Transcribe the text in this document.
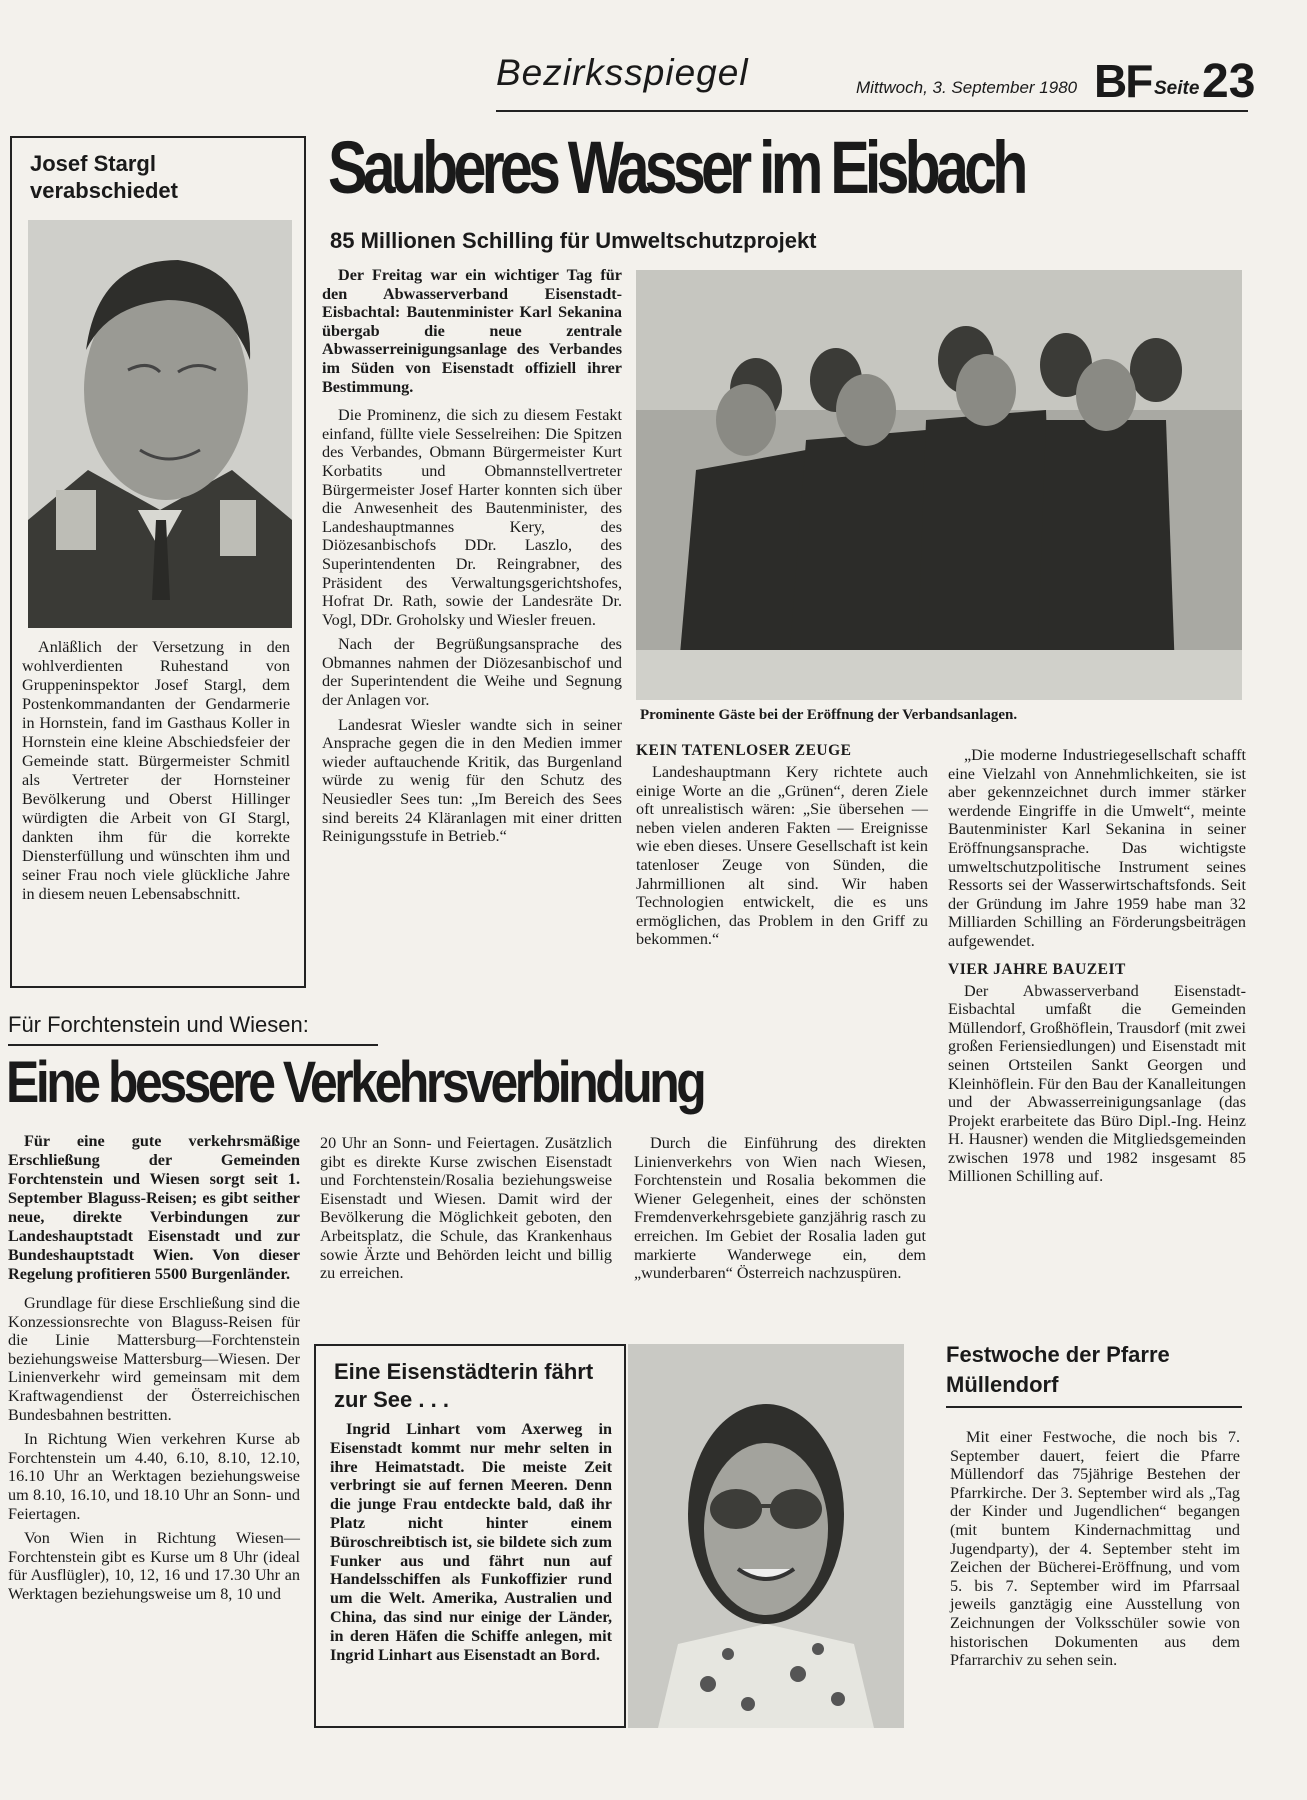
Bezirksspiegel	Mittwoch, 3. September 1980 BF Seite 23
Josef Stargl verabschiedet

Anläßlich der Versetzung in den wohlverdienten Ruhestand von Gruppeninspektor Josef Stargl, dem Postenkommandanten der Gendarmerie in Hornstein, fand im Gasthaus Koller in Hornstein eine kleine Abschiedsfeier der Gemeinde statt. Bürgermeister Schmitl als Vertreter der Hornsteiner Bevölkerung und Oberst Hillinger würdigten die Arbeit von GI Stargl, dankten ihm für die korrekte Diensterfüllung und wünschten ihm und seiner Frau noch viele glückliche Jahre in diesem neuen Lebensabschnitt.

Sauberes Wasser im Eisbach
85 Millionen Schilling für Umweltschutzprojekt

Der Freitag war ein wichtiger Tag für den Abwasserverband Eisenstadt-Eisbachtal: Bautenminister Karl Sekanina übergab die neue zentrale Abwasserreinigungsanlage des Verbandes im Süden von Eisenstadt offiziell ihrer Bestimmung.

Die Prominenz, die sich zu diesem Festakt einfand, füllte viele Sesselreihen: Die Spitzen des Verbandes, Obmann Bürgermeister Kurt Korbatits und Obmannstellvertreter Bürgermeister Josef Harter konnten sich über die Anwesenheit des Bautenminister, des Landeshauptmannes Kery, des Diözesanbischofs DDr. Laszlo, des Superintendenten Dr. Reingrabner, des Präsident des Verwaltungsgerichtshofes, Hofrat Dr. Rath, sowie der Landesräte Dr. Vogl, DDr. Groholsky und Wiesler freuen.

Nach der Begrüßungsansprache des Obmannes nahmen der Diözesanbischof und der Superintendent die Weihe und Segnung der Anlagen vor.

Landesrat Wiesler wandte sich in seiner Ansprache gegen die in den Medien immer wieder auftauchende Kritik, das Burgenland würde zu wenig für den Schutz des Neusiedler Sees tun: „Im Bereich des Sees sind bereits 24 Kläranlagen mit einer dritten Reinigungsstufe in Betrieb.“

Prominente Gäste bei der Eröffnung der Verbandsanlagen.

KEIN TATENLOSER ZEUGE

Landeshauptmann Kery richtete auch einige Worte an die „Grünen“, deren Ziele oft unrealistisch wären: „Sie übersehen — neben vielen anderen Fakten — Ereignisse wie eben dieses. Unsere Gesellschaft ist kein tatenloser Zeuge von Sünden, die Jahrmillionen alt sind. Wir haben Technologien entwickelt, die es uns ermöglichen, das Problem in den Griff zu bekommen.“

„Die moderne Industriegesellschaft schafft eine Vielzahl von Annehmlichkeiten, sie ist aber gekennzeichnet durch immer stärker werdende Eingriffe in die Umwelt“, meinte Bautenminister Karl Sekanina in seiner Eröffnungsansprache. Das wichtigste umweltschutzpolitische Instrument seines Ressorts sei der Wasserwirtschaftsfonds. Seit der Gründung im Jahre 1959 habe man 32 Milliarden Schilling an Förderungsbeiträgen aufgewendet.

VIER JAHRE BAUZEIT

Der Abwasserverband Eisenstadt-Eisbachtal umfaßt die Gemeinden Müllendorf, Großhöflein, Trausdorf (mit zwei großen Feriensiedlungen) und Eisenstadt mit seinen Ortsteilen Sankt Georgen und Kleinhöflein. Für den Bau der Kanalleitungen und der Abwasserreinigungsanlage (das Projekt erarbeitete das Büro Dipl.-Ing. Heinz H. Hausner) wenden die Mitgliedsgemeinden zwischen 1978 und 1982 insgesamt 85 Millionen Schilling auf.

Für Forchtenstein und Wiesen:
Eine bessere Verkehrsverbindung

Für eine gute verkehrsmäßige Erschließung der Gemeinden Forchtenstein und Wiesen sorgt seit 1. September Blaguss-Reisen; es gibt seither neue, direkte Verbindungen zur Landeshauptstadt Eisenstadt und zur Bundeshauptstadt Wien. Von dieser Regelung profitieren 5500 Burgenländer.

Grundlage für diese Erschließung sind die Konzessionsrechte von Blaguss-Reisen für die Linie Mattersburg—Forchtenstein beziehungsweise Mattersburg—Wiesen. Der Linienverkehr wird gemeinsam mit dem Kraftwagendienst der Österreichischen Bundesbahnen bestritten.

In Richtung Wien verkehren Kurse ab Forchtenstein um 4.40, 6.10, 8.10, 12.10, 16.10 Uhr an Werktagen beziehungsweise um 8.10, 16.10, und 18.10 Uhr an Sonn- und Feiertagen.

Von Wien in Richtung Wiesen—Forchtenstein gibt es Kurse um 8 Uhr (ideal für Ausflügler), 10, 12, 16 und 17.30 Uhr an Werktagen beziehungsweise um 8, 10 und

20 Uhr an Sonn- und Feiertagen. Zusätzlich gibt es direkte Kurse zwischen Eisenstadt und Forchtenstein/Rosalia beziehungsweise Eisenstadt und Wiesen. Damit wird der Bevölkerung die Möglichkeit geboten, den Arbeitsplatz, die Schule, das Krankenhaus sowie Ärzte und Behörden leicht und billig zu erreichen.

Durch die Einführung des direkten Linienverkehrs von Wien nach Wiesen, Forchtenstein und Rosalia bekommen die Wiener Gelegenheit, eines der schönsten Fremdenverkehrsgebiete ganzjährig rasch zu erreichen. Im Gebiet der Rosalia laden gut markierte Wanderwege ein, dem „wunderbaren“ Österreich nachzuspüren.

Eine Eisenstädterin fährt zur See . . .

Ingrid Linhart vom Axerweg in Eisenstadt kommt nur mehr selten in ihre Heimatstadt. Die meiste Zeit verbringt sie auf fernen Meeren. Denn die junge Frau entdeckte bald, daß ihr Platz nicht hinter einem Büroschreibtisch ist, sie bildete sich zum Funker aus und fährt nun auf Handelsschiffen als Funkoffizier rund um die Welt. Amerika, Australien und China, das sind nur einige der Länder, in deren Häfen die Schiffe anlegen, mit Ingrid Linhart aus Eisenstadt an Bord.

Festwoche der Pfarre Müllendorf

Mit einer Festwoche, die noch bis 7. September dauert, feiert die Pfarre Müllendorf das 75jährige Bestehen der Pfarrkirche. Der 3. September wird als „Tag der Kinder und Jugendlichen“ begangen (mit buntem Kindernachmittag und Jugendparty), der 4. September steht im Zeichen der Bücherei-Eröffnung, und vom 5. bis 7. September wird im Pfarrsaal jeweils ganztägig eine Ausstellung von Zeichnungen der Volksschüler sowie von historischen Dokumenten aus dem Pfarrarchiv zu sehen sein.
